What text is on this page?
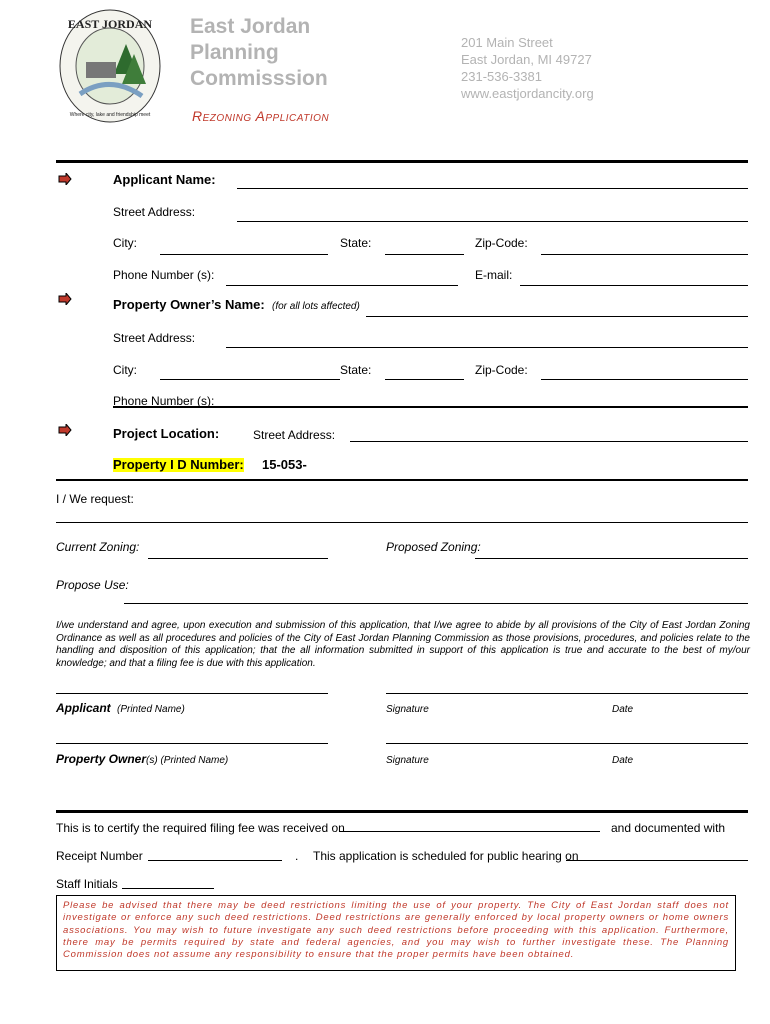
EAST JORDAN
Where city, lake and friendship meet
East Jordan
Planning
Commisssion
Rezoning Application
201 Main Street
East Jordan, MI 49727
231-536-3381
www.eastjordancity.org
Applicant Name:
Street Address:
City:	State:	Zip-Code:
Phone Number (s):	E-mail:
Property Owner’s Name: (for all lots affected)
Street Address:
City:	State:	Zip-Code:
Phone Number (s):
Project Location:	Street Address:
Property I D Number: 15-053-
I / We request:
Current Zoning:	Proposed Zoning:
Propose Use:
I/we understand and agree, upon execution and submission of this application, that I/we agree to abide by all provisions of the City of East Jordan Zoning Ordinance as well as all procedures and policies of the City of East Jordan Planning Commission as those provisions, procedures, and policies relate to the handling and disposition of this application; that the all information submitted in support of this application is true and accurate to the best of my/our knowledge; and that a filing fee is due with this application.
Applicant (Printed Name)	Signature	Date
Property Owner (s) (Printed Name)	Signature	Date
This is to certify the required filing fee was received on	and documented with
Receipt Number	. This application is scheduled for public hearing on
Staff Initials
Please be advised that there may be deed restrictions limiting the use of your property. The City of East Jordan staff does not investigate or enforce any such deed restrictions. Deed restrictions are generally enforced by local property owners or home owners associations. You may wish to future investigate any such deed restrictions before proceeding with this application. Furthermore, there may be permits required by state and federal agencies, and you may wish to further investigate these. The Planning Commission does not assume any responsibility to ensure that the proper permits have been obtained.
